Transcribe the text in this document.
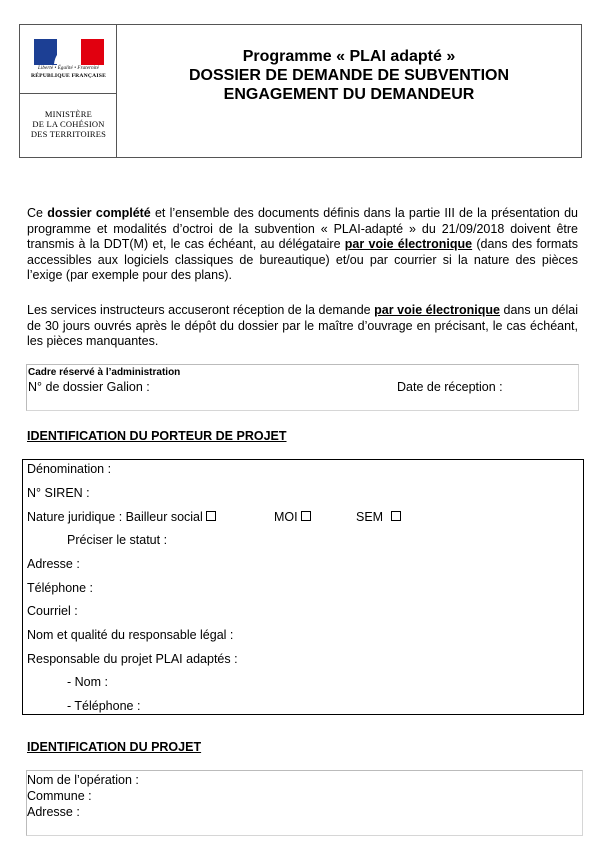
Liberté • Égalité • Fraternité
RÉPUBLIQUE FRANÇAISE
MINISTÈRE
DE LA COHÉSION
DES TERRITOIRES
Programme « PLAI adapté »
DOSSIER DE DEMANDE DE SUBVENTION
ENGAGEMENT DU DEMANDEUR
Ce dossier complété et l’ensemble des documents définis dans la partie III de la présentation du programme et modalités d’octroi de la subvention « PLAI-adapté » du 21/09/2018 doivent être transmis à la DDT(M) et, le cas échéant, au délégataire par voie électronique (dans des formats accessibles aux logiciels classiques de bureautique) et/ou par courrier si la nature des pièces l’exige (par exemple pour des plans).
Les services instructeurs accuseront réception de la demande par voie électronique dans un délai de 30 jours ouvrés après le dépôt du dossier par le maître d’ouvrage en précisant, le cas échéant, les pièces manquantes.
Cadre réservé à l’administration
N° de dossier Galion :	Date de réception :
IDENTIFICATION DU PORTEUR DE PROJET
Dénomination :
N° SIREN :
Nature juridique : Bailleur social	MOI	SEM
Préciser le statut :
Adresse :
Téléphone :
Courriel :
Nom et qualité du responsable légal :
Responsable du projet PLAI adaptés :
- Nom :
- Téléphone :
IDENTIFICATION DU PROJET
Nom de l’opération :
Commune :
Adresse :
